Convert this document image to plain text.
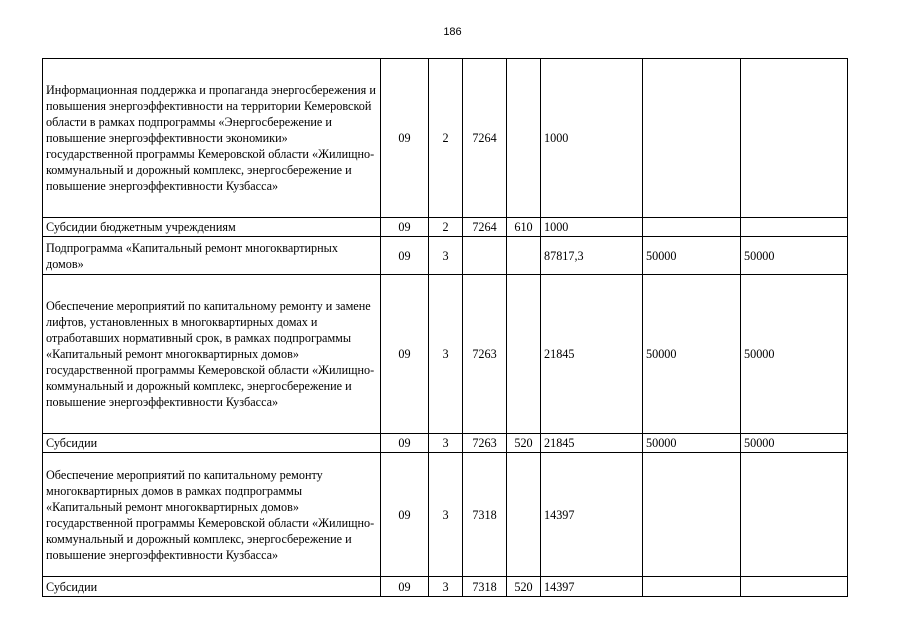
186
Информационная поддержка и пропаганда энергосбережения и повышения энергоэффективности на территории Кемеровской области в рамках подпрограммы «Энергосбережение и повышение энергоэффективности экономики» государственной программы Кемеровской области «Жилищно-коммунальный и дорожный комплекс, энергосбережение и повышение энергоэффективности Кузбасса»	09	2	7264		1000		
Субсидии бюджетным учреждениям	09	2	7264	610	1000		
Подпрограмма «Капитальный ремонт многоквартирных домов»	09	3			87817,3	50000	50000
Обеспечение мероприятий по капитальному ремонту и замене лифтов, установленных в многоквартирных домах и отработавших нормативный срок, в рамках подпрограммы «Капитальный ремонт многоквартирных домов» государственной программы Кемеровской области «Жилищно-коммунальный и дорожный комплекс, энергосбережение и повышение энергоэффективности Кузбасса»	09	3	7263		21845	50000	50000
Субсидии	09	3	7263	520	21845	50000	50000
Обеспечение мероприятий по капитальному ремонту многоквартирных домов в рамках подпрограммы «Капитальный ремонт многоквартирных домов» государственной программы Кемеровской области «Жилищно-коммунальный и дорожный комплекс, энергосбережение и повышение энергоэффективности Кузбасса»	09	3	7318		14397		
Субсидии	09	3	7318	520	14397		
